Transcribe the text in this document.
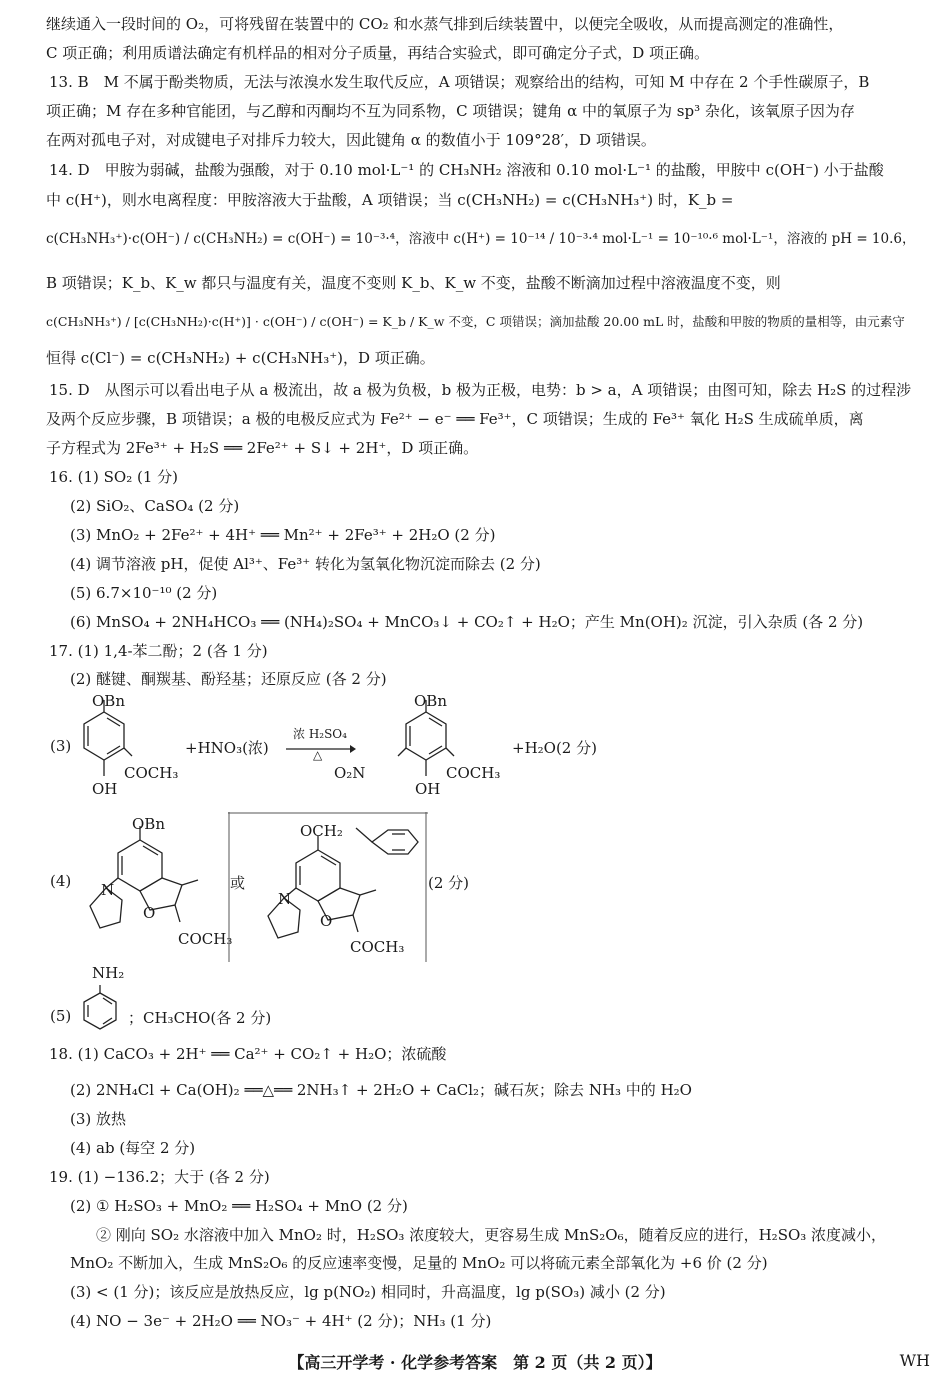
继续通入一段时间的 O₂，可将残留在装置中的 CO₂ 和水蒸气排到后续装置中，以便完全吸收，从而提高测定的准确性，
C 项正确；利用质谱法确定有机样品的相对分子质量，再结合实验式，即可确定分子式，D 项正确。
13. B　M 不属于酚类物质，无法与浓溴水发生取代反应，A 项错误；观察给出的结构，可知 M 中存在 2 个手性碳原子，B
项正确；M 存在多种官能团，与乙醇和丙酮均不互为同系物，C 项错误；键角 α 中的氧原子为 sp³ 杂化，该氧原子因为存
在两对孤电子对，对成键电子对排斥力较大，因此键角 α 的数值小于 109°28′，D 项错误。
14. D　甲胺为弱碱，盐酸为强酸，对于 0.10 mol·L⁻¹ 的 CH₃NH₂ 溶液和 0.10 mol·L⁻¹ 的盐酸，甲胺中 c(OH⁻) 小于盐酸
中 c(H⁺)，则水电离程度：甲胺溶液大于盐酸，A 项错误；当 c(CH₃NH₂) = c(CH₃NH₃⁺) 时，K_b =
c(CH₃NH₃⁺)·c(OH⁻) / c(CH₃NH₂) = c(OH⁻) = 10⁻³·⁴，溶液中 c(H⁺) = 10⁻¹⁴ / 10⁻³·⁴ mol·L⁻¹ = 10⁻¹⁰·⁶ mol·L⁻¹，溶液的 pH = 10.6，
B 项错误；K_b、K_w 都只与温度有关，温度不变则 K_b、K_w 不变，盐酸不断滴加过程中溶液温度不变，则
c(CH₃NH₃⁺) / [c(CH₃NH₂)·c(H⁺)] · c(OH⁻) / c(OH⁻) = K_b / K_w 不变，C 项错误；滴加盐酸 20.00 mL 时，盐酸和甲胺的物质的量相等，由元素守
恒得 c(Cl⁻) = c(CH₃NH₂) + c(CH₃NH₃⁺)，D 项正确。
15. D　从图示可以看出电子从 a 极流出，故 a 极为负极，b 极为正极，电势：b > a，A 项错误；由图可知，除去 H₂S 的过程涉
及两个反应步骤，B 项错误；a 极的电极反应式为 Fe²⁺ − e⁻ ══ Fe³⁺，C 项错误；生成的 Fe³⁺ 氧化 H₂S 生成硫单质，离
子方程式为 2Fe³⁺ + H₂S ══ 2Fe²⁺ + S↓ + 2H⁺，D 项正确。
16. (1) SO₂ (1 分)
(2) SiO₂、CaSO₄ (2 分)
(3) MnO₂ + 2Fe²⁺ + 4H⁺ ══ Mn²⁺ + 2Fe³⁺ + 2H₂O (2 分)
(4) 调节溶液 pH，促使 Al³⁺、Fe³⁺ 转化为氢氧化物沉淀而除去 (2 分)
(5) 6.7×10⁻¹⁰ (2 分)
(6) MnSO₄ + 2NH₄HCO₃ ══ (NH₄)₂SO₄ + MnCO₃↓ + CO₂↑ + H₂O；产生 Mn(OH)₂ 沉淀，引入杂质 (各 2 分)
17. (1) 1,4-苯二酚；2 (各 1 分)
(2) 醚键、酮羰基、酚羟基；还原反应 (各 2 分)
(3)
OBn
OH
COCH₃
+HNO₃(浓)
浓 H₂SO₄
△
OBn
O₂N
OH
COCH₃
+H₂O(2 分)
(4)
OBn
N
O
COCH₃
或
OCH₂
N
O
COCH₃
(2 分)
NH₂
(5)	；CH₃CHO(各 2 分)
18. (1) CaCO₃ + 2H⁺ ══ Ca²⁺ + CO₂↑ + H₂O；浓硫酸
(2) 2NH₄Cl + Ca(OH)₂ ══△══ 2NH₃↑ + 2H₂O + CaCl₂；碱石灰；除去 NH₃ 中的 H₂O
(3) 放热
(4) ab (每空 2 分)
19. (1) −136.2；大于 (各 2 分)
(2) ① H₂SO₃ + MnO₂ ══ H₂SO₄ + MnO (2 分)
② 刚向 SO₂ 水溶液中加入 MnO₂ 时，H₂SO₃ 浓度较大，更容易生成 MnS₂O₆，随着反应的进行，H₂SO₃ 浓度减小，
MnO₂ 不断加入，生成 MnS₂O₆ 的反应速率变慢，足量的 MnO₂ 可以将硫元素全部氧化为 +6 价 (2 分)
(3) < (1 分)；该反应是放热反应，lg p(NO₂) 相同时，升高温度，lg p(SO₃) 减小 (2 分)
(4) NO − 3e⁻ + 2H₂O ══ NO₃⁻ + 4H⁺ (2 分)；NH₃ (1 分)
【高三开学考 · 化学参考答案　第 2 页（共 2 页）】	WH
